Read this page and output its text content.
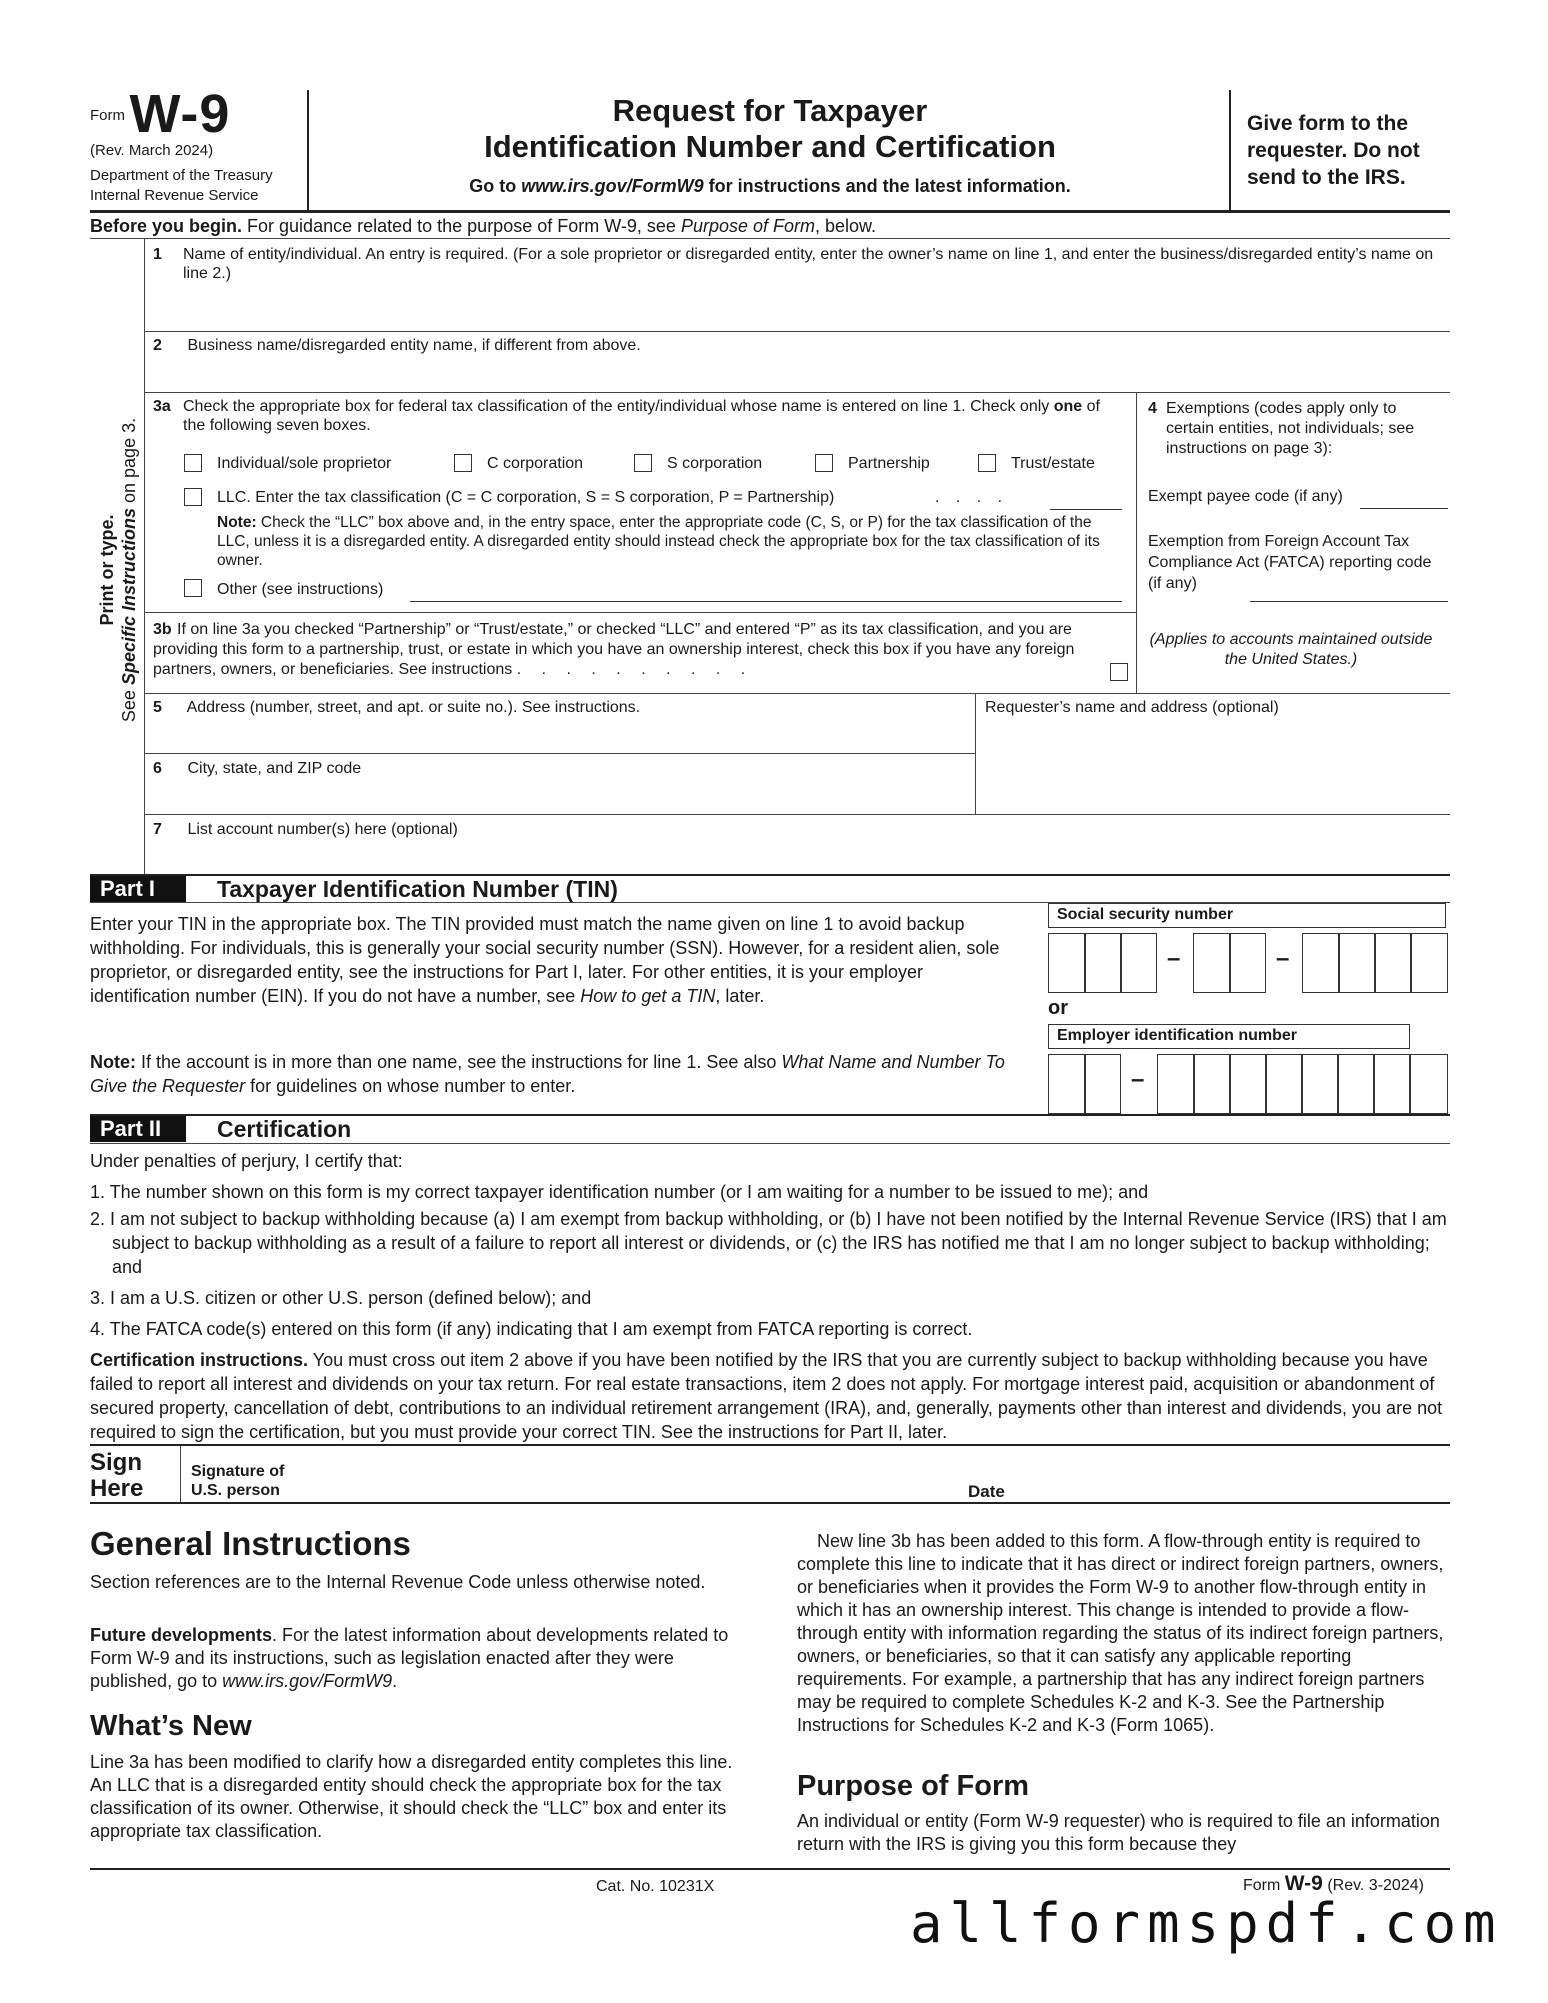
Form W-9
(Rev. March 2024)
Department of the Treasury
Internal Revenue Service
Request for Taxpayer
Identification Number and Certification
Go to www.irs.gov/FormW9 for instructions and the latest information.
Give form to the requester. Do not send to the IRS.
Before you begin. For guidance related to the purpose of Form W-9, see Purpose of Form, below.
Print or type.
See Specific Instructions on page 3.
1	Name of entity/individual. An entry is required. (For a sole proprietor or disregarded entity, enter the owner’s name on line 1, and enter the business/disregarded entity’s name on line 2.)
2 Business name/disregarded entity name, if different from above.
3a Check the appropriate box for federal tax classification of the entity/individual whose name is entered on line 1. Check only one of the following seven boxes.
Individual/sole proprietor	C corporation	S corporation	Partnership	Trust/estate
LLC. Enter the tax classification (C = C corporation, S = S corporation, P = Partnership)	. . . .
Note: Check the “LLC” box above and, in the entry space, enter the appropriate code (C, S, or P) for the tax classification of the LLC, unless it is a disregarded entity. A disregarded entity should instead check the appropriate box for the tax classification of its owner.
Other (see instructions)
3b If on line 3a you checked “Partnership” or “Trust/estate,” or checked “LLC” and entered “P” as its tax classification, and you are providing this form to a partnership, trust, or estate in which you have an ownership interest, check this box if you have any foreign partners, owners, or beneficiaries. See instructions . . . . . . . . . .
4 Exemptions (codes apply only to certain entities, not individuals; see instructions on page 3):
Exempt payee code (if any)
Exemption from Foreign Account Tax Compliance Act (FATCA) reporting code (if any)
(Applies to accounts maintained outside the United States.)
5 Address (number, street, and apt. or suite no.). See instructions.	Requester’s name and address (optional)
6 City, state, and ZIP code
7 List account number(s) here (optional)
Part I	Taxpayer Identification Number (TIN)
Enter your TIN in the appropriate box. The TIN provided must match the name given on line 1 to avoid backup withholding. For individuals, this is generally your social security number (SSN). However, for a resident alien, sole proprietor, or disregarded entity, see the instructions for Part I, later. For other entities, it is your employer identification number (EIN). If you do not have a number, see How to get a TIN, later.
Note: If the account is in more than one name, see the instructions for line 1. See also What Name and Number To Give the Requester for guidelines on whose number to enter.
Social security number
–	–
or
Employer identification number
–
Part II	Certification
Under penalties of perjury, I certify that:
1. The number shown on this form is my correct taxpayer identification number (or I am waiting for a number to be issued to me); and
2. I am not subject to backup withholding because (a) I am exempt from backup withholding, or (b) I have not been notified by the Internal Revenue Service (IRS) that I am subject to backup withholding as a result of a failure to report all interest or dividends, or (c) the IRS has notified me that I am no longer subject to backup withholding; and
3. I am a U.S. citizen or other U.S. person (defined below); and
4. The FATCA code(s) entered on this form (if any) indicating that I am exempt from FATCA reporting is correct.
Certification instructions. You must cross out item 2 above if you have been notified by the IRS that you are currently subject to backup withholding because you have failed to report all interest and dividends on your tax return. For real estate transactions, item 2 does not apply. For mortgage interest paid, acquisition or abandonment of secured property, cancellation of debt, contributions to an individual retirement arrangement (IRA), and, generally, payments other than interest and dividends, you are not required to sign the certification, but you must provide your correct TIN. See the instructions for Part II, later.
Sign Here
Signature of U.S. person	Date
General Instructions
Section references are to the Internal Revenue Code unless otherwise noted.
Future developments. For the latest information about developments related to Form W-9 and its instructions, such as legislation enacted after they were published, go to www.irs.gov/FormW9.
What’s New
Line 3a has been modified to clarify how a disregarded entity completes this line. An LLC that is a disregarded entity should check the appropriate box for the tax classification of its owner. Otherwise, it should check the “LLC” box and enter its appropriate tax classification.
New line 3b has been added to this form. A flow-through entity is required to complete this line to indicate that it has direct or indirect foreign partners, owners, or beneficiaries when it provides the Form W-9 to another flow-through entity in which it has an ownership interest. This change is intended to provide a flow-through entity with information regarding the status of its indirect foreign partners, owners, or beneficiaries, so that it can satisfy any applicable reporting requirements. For example, a partnership that has any indirect foreign partners may be required to complete Schedules K-2 and K-3. See the Partnership Instructions for Schedules K-2 and K-3 (Form 1065).
Purpose of Form
An individual or entity (Form W-9 requester) who is required to file an information return with the IRS is giving you this form because they
Cat. No. 10231X	Form W-9 (Rev. 3-2024)
allformspdf.com
